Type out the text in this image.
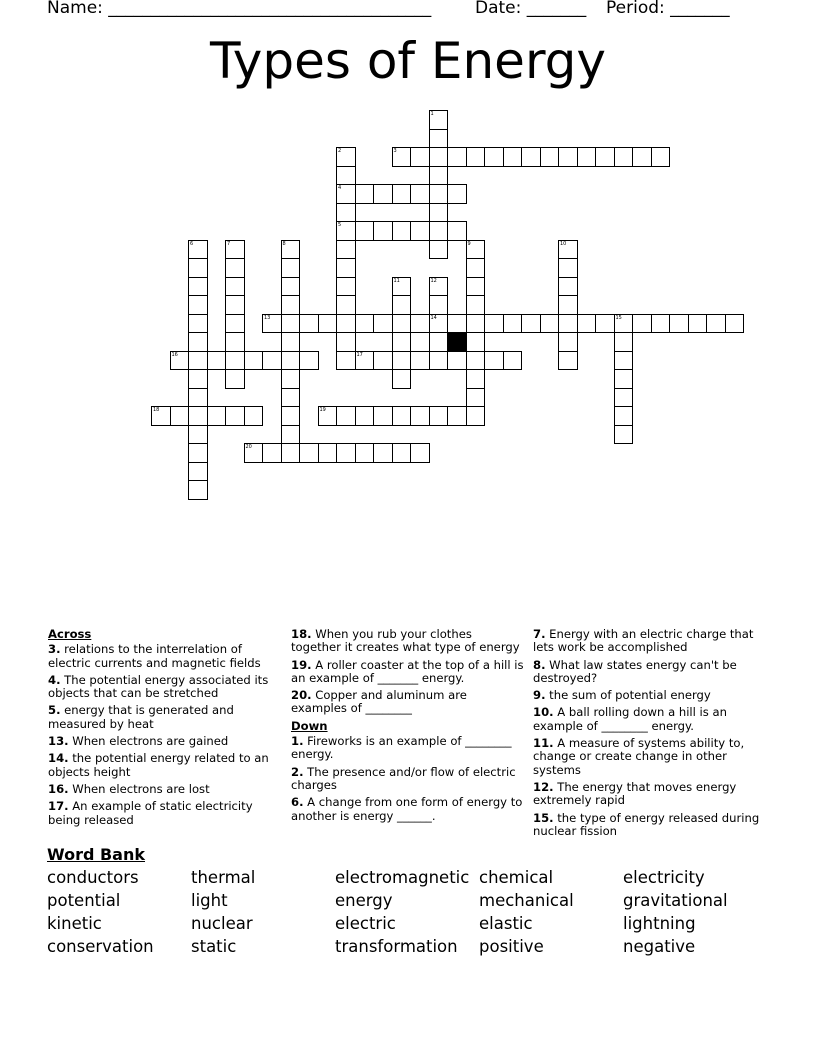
Name: ______________________________________	Date: _______ Period: _______
Types of Energy
1
2	3
4
5
6	7	8	9	10
11	12
13	14	15
16	17
18	19
20
Across
3. relations to the interrelation of electric currents and magnetic fields
4. The potential energy associated its objects that can be stretched
5. energy that is generated and measured by heat
13. When electrons are gained
14. the potential energy related to an objects height
16. When electrons are lost
17. An example of static electricity being released
18. When you rub your clothes together it creates what type of energy
19. A roller coaster at the top of a hill is an example of _______ energy.
20. Copper and aluminum are examples of ________
Down
1. Fireworks is an example of ________ energy.
2. The presence and/or flow of electric charges
6. A change from one form of energy to another is energy ______.
7. Energy with an electric charge that lets work be accomplished
8. What law states energy can't be destroyed?
9. the sum of potential energy
10. A ball rolling down a hill is an example of ________ energy.
11. A measure of systems ability to, change or create change in other systems
12. The energy that moves energy extremely rapid
15. the type of energy released during nuclear fission
Word Bank
conductors	thermal	electromagnetic chemical	electricity
potential	light	energy	mechanical	gravitational
kinetic	nuclear	electric	elastic	lightning
conservation	static	transformation	positive	negative
